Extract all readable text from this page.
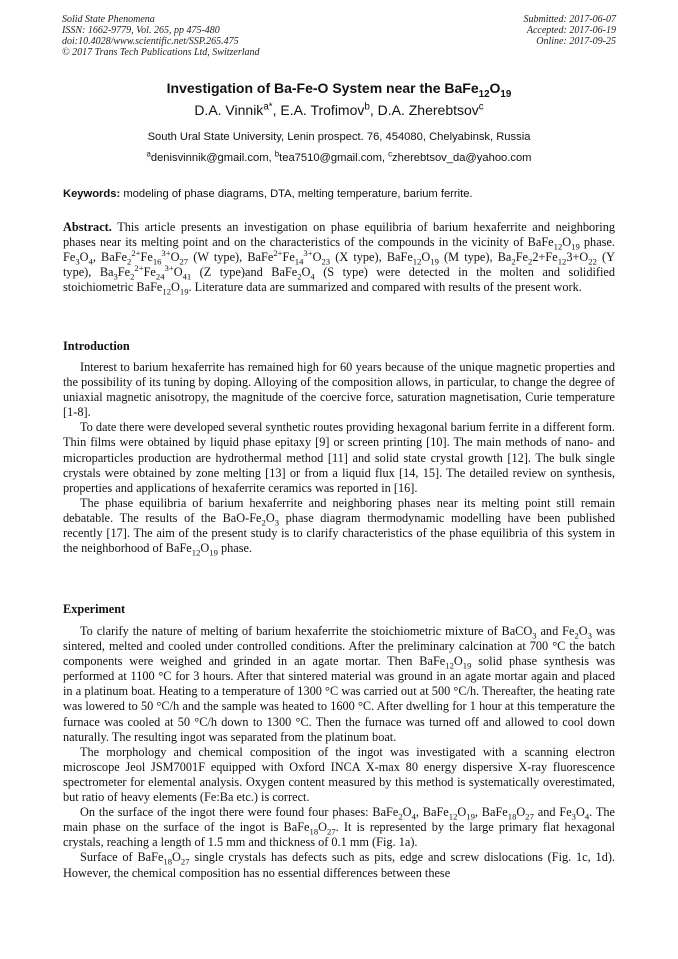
Solid State Phenomena
ISSN: 1662-9779, Vol. 265, pp 475-480
doi:10.4028/www.scientific.net/SSP.265.475
© 2017 Trans Tech Publications Ltd, Switzerland
Submitted: 2017-06-07
Accepted: 2017-06-19
Online: 2017-09-25
Investigation of Ba-Fe-O System near the $BaFe_{12}O_{19}$
D.A. Vinnik$^{a*}$, E.A. Trofimov$^b$, D.A. Zherebtsov$^c$
South Ural State University, Lenin prospect. 76, 454080, Chelyabinsk, Russia
$^a$denisvinnik@gmail.com, $^b$tea7510@gmail.com, $^c$zherebtsov_da@yahoo.com
Keywords: modeling of phase diagrams, DTA, melting temperature, barium ferrite.

Abstract. This article presents an investigation on phase equilibria of barium hexaferrite and neighboring phases near its melting point and on the characteristics of the compounds in the vicinity of $BaFe_{12}O_{19}$ phase. $Fe_3O_4$, $BaFe_2^{2+}Fe_{16}^{3+}O_{27}$ (W type), $BaFe^{2+}Fe_{14}^{3+}O_{23}$ (X type), $BaFe_{12}O_{19}$ (M type), $Ba_2Fe_22+Fe_{12}3+O_{22}$ (Y type), $Ba_3Fe_2^{2+}Fe_{24}^{3+}O_{41}$ (Z type)and $BaFe_2O_4$ (S type) were detected in the molten and solidified stoichiometric $BaFe_{12}O_{19}$. Literature data are summarized and compared with results of the present work.

Introduction

Interest to barium hexaferrite has remained high for 60 years because of the unique magnetic properties and the possibility of its tuning by doping. Alloying of the composition allows, in particular, to change the degree of uniaxial magnetic anisotropy, the magnitude of the coercive force, saturation magnetisation, Curie temperature [1-8].

To date there were developed several synthetic routes providing hexagonal barium ferrite in a different form. Thin films were obtained by liquid phase epitaxy [9] or screen printing [10]. The main methods of nano- and microparticles production are hydrothermal method [11] and solid state crystal growth [12]. The bulk single crystals were obtained by zone melting [13] or from a liquid flux [14, 15]. The detailed review on synthesis, properties and applications of hexaferrite ceramics was reported in [16].

The phase equilibria of barium hexaferrite and neighboring phases near its melting point still remain debatable. The results of the BaO-$Fe_2O_3$ phase diagram thermodynamic modelling have been published recently [17]. The aim of the present study is to clarify characteristics of the phase equilibria of this system in the neighborhood of $BaFe_{12}O_{19}$ phase.

Experiment

To clarify the nature of melting of barium hexaferrite the stoichiometric mixture of BaCO$_3$ and $Fe_2O_3$ was sintered, melted and cooled under controlled conditions. After the preliminary calcination at 700 °C the batch components were weighed and grinded in an agate mortar. Then $BaFe_{12}O_{19}$ solid phase synthesis was performed at 1100 °C for 3 hours. After that sintered material was ground in an agate mortar again and placed in a platinum boat. Heating to a temperature of 1300 °C was carried out at 500 °C/h. Thereafter, the heating rate was lowered to 50 °C/h and the sample was heated to 1600 °C. After dwelling for 1 hour at this temperature the furnace was cooled at 50 °C/h down to 1300 °C. Then the furnace was turned off and allowed to cool down naturally. The resulting ingot was separated from the platinum boat.

The morphology and chemical composition of the ingot was investigated with a scanning electron microscope Jeol JSM7001F equipped with Oxford INCA X-max 80 energy dispersive X-ray fluorescence spectrometer for elemental analysis. Oxygen content measured by this method is systematically overestimated, but ratio of heavy elements (Fe:Ba etc.) is correct.

On the surface of the ingot there were found four phases: $BaFe_2O_4$, $BaFe_{12}O_{19}$, $BaFe_{18}O_{27}$ and $Fe_3O_4$. The main phase on the surface of the ingot is $BaFe_{18}O_{27}$. It is represented by the large primary flat hexagonal crystals, reaching a length of 1.5 mm and thickness of 0.1 mm (Fig. 1a).

Surface of $BaFe_{18}O_{27}$ single crystals has defects such as pits, edge and screw dislocations (Fig. 1c, 1d). However, the chemical composition has no essential differences between these
